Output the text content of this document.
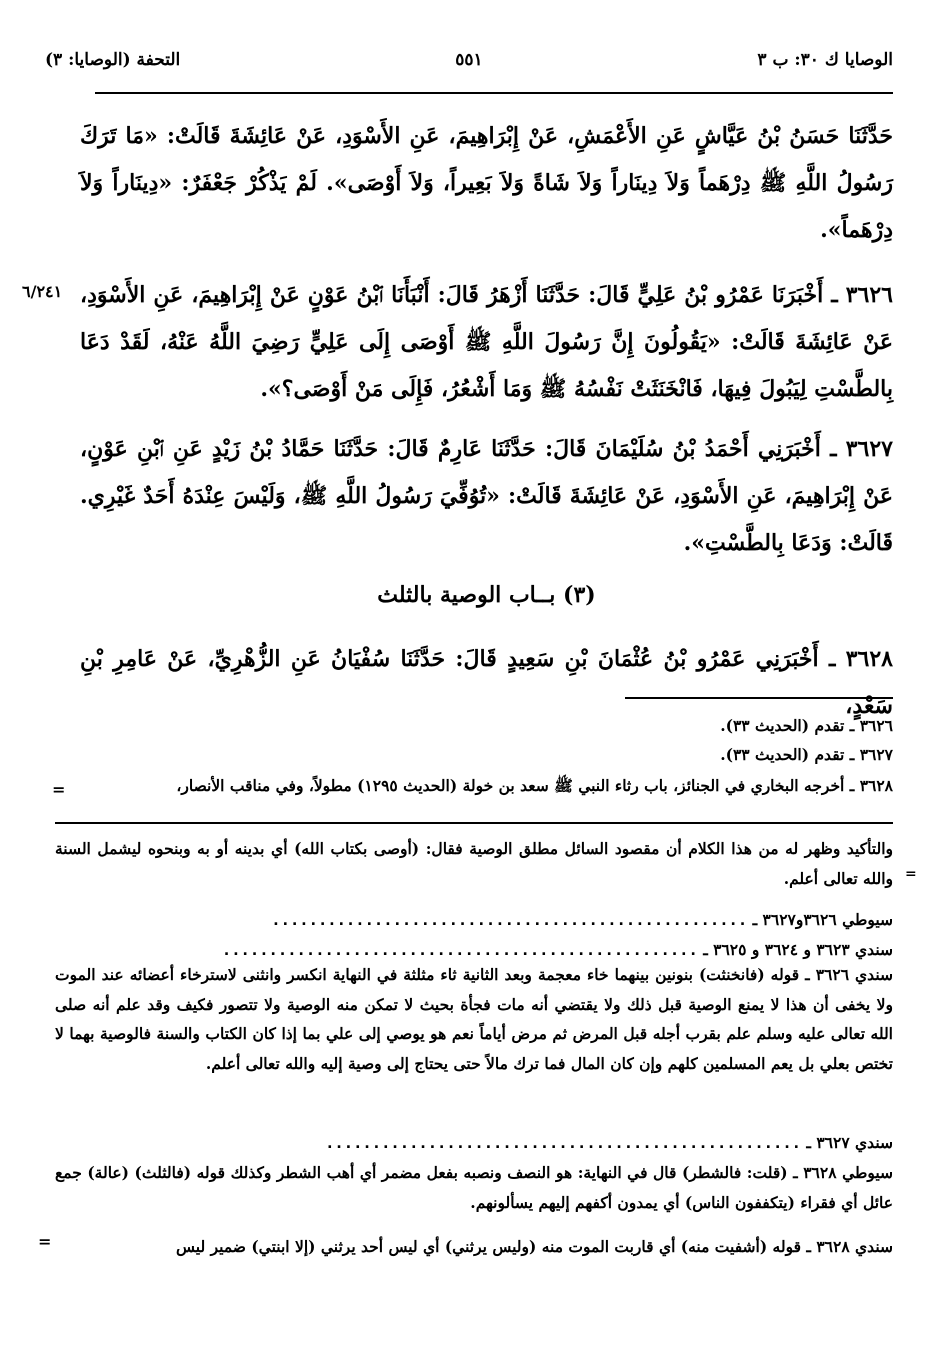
٥٥١	الوصايا ك ٣٠: ب ٣
التحفة (الوصايا: ٣)

حَدَّثَنَا حَسَنُ بْنُ عَيَّاشٍ عَنِ الأَعْمَشِ، عَنْ إِبْرَاهِيمَ، عَنِ الأَسْوَدِ، عَنْ عَائِشَةَ قَالَتْ: «مَا تَرَكَ رَسُولُ اللَّهِ ﷺ دِرْهَماً وَلاَ دِينَاراً وَلاَ شَاةً وَلاَ بَعِيراً، وَلاَ أَوْصَى». لَمْ يَذْكُرْ جَعْفَرٌ: «دِينَاراً وَلاَ دِرْهَماً».

٦/٢٤١ ٣٦٢٦ ـ أَخْبَرَنَا عَمْرُو بْنُ عَلِيٍّ قَالَ: حَدَّثَنَا أَزْهَرُ قَالَ: أَنْبَأَنَا ٱبْنُ عَوْنٍ عَنْ إِبْرَاهِيمَ، عَنِ الأَسْوَدِ، عَنْ عَائِشَةَ قَالَتْ: «يَقُولُونَ إِنَّ رَسُولَ اللَّهِ ﷺ أَوْصَى إِلَى عَلِيٍّ رَضِيَ اللَّهُ عَنْهُ، لَقَدْ دَعَا بِالطَّسْتِ لِيَبُولَ فِيهَا، فَانْخَنَثَتْ نَفْسُهُ ﷺ وَمَا أَشْعُرُ، فَإِلَى مَنْ أَوْصَى؟».

٣٦٢٧ ـ أَخْبَرَنِي أَحْمَدُ بْنُ سُلَيْمَانَ قَالَ: حَدَّثَنَا عَارِمٌ قَالَ: حَدَّثَنَا حَمَّادُ بْنُ زَيْدٍ عَنِ ٱبْنِ عَوْنٍ، عَنْ إِبْرَاهِيمَ، عَنِ الأَسْوَدِ، عَنْ عَائِشَةَ قَالَتْ: «تُوُفِّيَ رَسُولُ اللَّهِ ﷺ، وَلَيْسَ عِنْدَهُ أَحَدٌ غَيْرِي. قَالَتْ: وَدَعَا بِالطَّسْتِ».

(٣) بــاب الوصية بالثلث

٣٦٢٨ ـ أَخْبَرَنِي عَمْرُو بْنُ عُثْمَانَ بْنِ سَعِيدٍ قَالَ: حَدَّثَنَا سُفْيَانُ عَنِ الزُّهْرِيِّ، عَنْ عَامِرِ بْنِ سَعْدٍ،

٣٦٢٦ ـ تقدم (الحديث ٣٣).
٣٦٢٧ ـ تقدم (الحديث ٣٣).
٣٦٢٨ ـ أخرجه البخاري في الجنائز، باب رثاء النبي ﷺ سعد بن خولة (الحديث ١٢٩٥) مطولاً، وفي مناقب الأنصار،
=

والتأكيد وظهر له من هذا الكلام أن مقصود السائل مطلق الوصية فقال: (أوصى بكتاب الله) أي بدينه أو به وبنحوه ليشمل السنة والله تعالى أعلم. =
سيوطي ٣٦٢٦و٣٦٢٧ ـ ...................................................
سندي ٣٦٢٣ و ٣٦٢٤ و ٣٦٢٥ ـ ...................................................

سندي ٣٦٢٦ ـ قوله (فانخنثت) بنونين بينهما خاء معجمة وبعد الثانية ثاء مثلثة في النهاية انكسر وانثنى لاسترخاء أعضائه عند الموت ولا يخفى أن هذا لا يمنع الوصية قبل ذلك ولا يقتضي أنه مات فجأة بحيث لا تمكن منه الوصية ولا تتصور فكيف وقد علم أنه صلى الله تعالى عليه وسلم علم بقرب أجله قبل المرض ثم مرض أياماً نعم هو يوصي إلى علي بما إذا كان الكتاب والسنة فالوصية بهما لا تختص بعلي بل يعم المسلمين كلهم وإن كان المال فما ترك مالاً حتى يحتاج إلى وصية إليه والله تعالى أعلم.

سندي ٣٦٢٧ ـ ...................................................

سيوطي ٣٦٢٨ ـ (قلت: فالشطر) قال في النهاية: هو النصف ونصبه بفعل مضمر أي أهب الشطر وكذلك قوله (فالثلث) (عالة) جمع عائل أي فقراء (يتكففون الناس) أي يمدون أكفهم إليهم يسألونهم.

سندي ٣٦٢٨ ـ قوله (أشفيت منه) أي قاربت الموت منه (وليس يرثني) أي ليس أحد يرثني (إلا ابنتي) ضمير ليس

=
